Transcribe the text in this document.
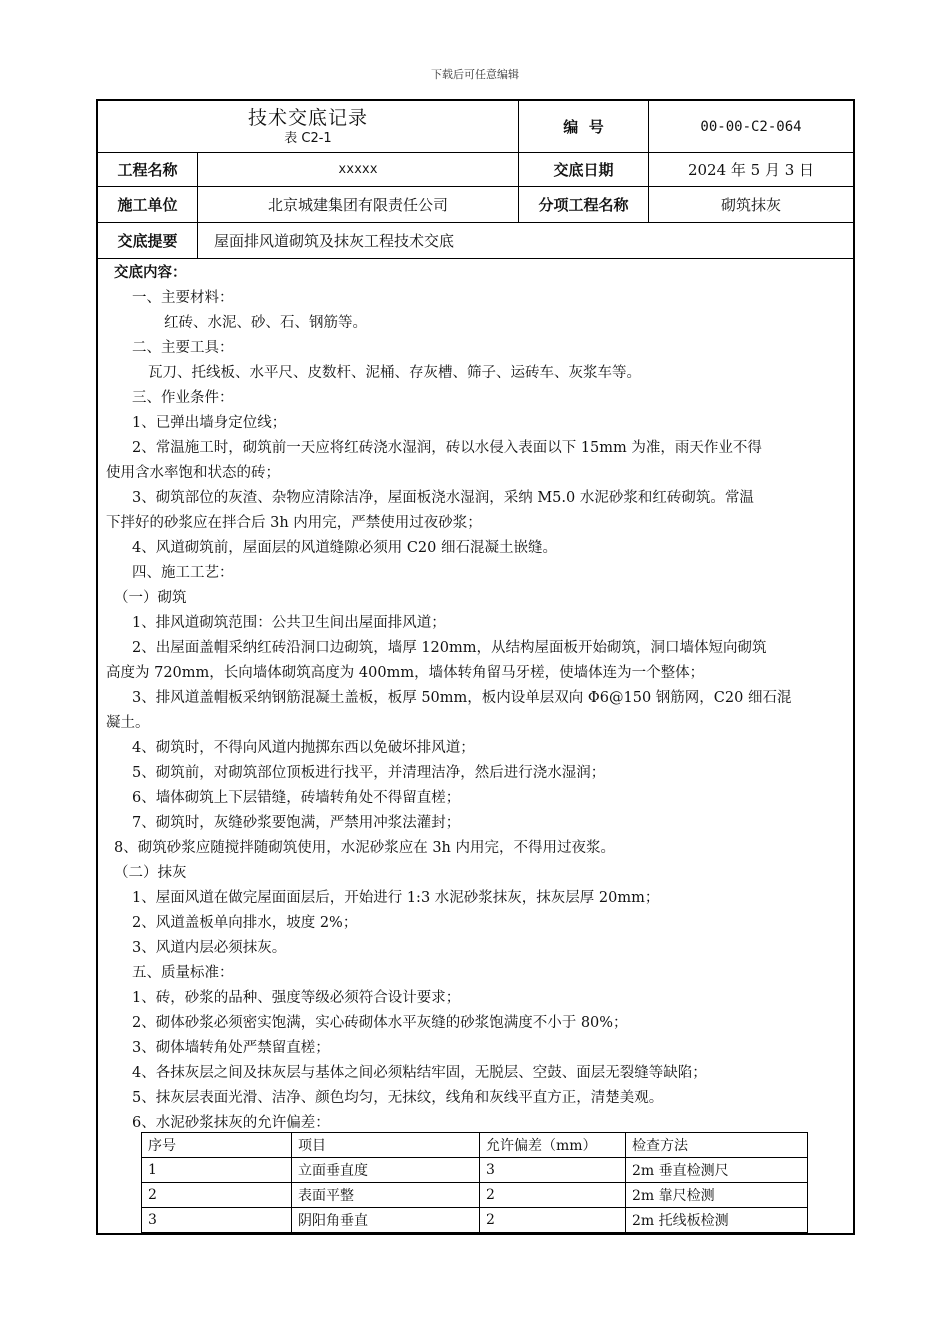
下载后可任意编辑
技术交底记录
表 C2-1
编  号	00-00-C2-064
工程名称	xxxxx	交底日期	2024 年 5 月 3 日
施工单位	北京城建集团有限责任公司	分项工程名称	砌筑抹灰
交底提要	屋面排风道砌筑及抹灰工程技术交底
交底内容：
一、主要材料：
红砖、水泥、砂、石、钢筋等。
二、主要工具：
瓦刀、托线板、水平尺、皮数杆、泥桶、存灰槽、筛子、运砖车、灰浆车等。
三、作业条件：
1、已弹出墙身定位线；
2、常温施工时，砌筑前一天应将红砖浇水湿润，砖以水侵入表面以下 15mm 为准，雨天作业不得
使用含水率饱和状态的砖；
3、砌筑部位的灰渣、杂物应清除洁净，屋面板浇水湿润，采纳 M5.0 水泥砂浆和红砖砌筑。常温
下拌好的砂浆应在拌合后 3h 内用完，严禁使用过夜砂浆；
4、风道砌筑前，屋面层的风道缝隙必须用 C20 细石混凝土嵌缝。
四、施工工艺：
（一）砌筑
1、排风道砌筑范围：公共卫生间出屋面排风道；
2、出屋面盖帽采纳红砖沿洞口边砌筑，墙厚 120mm，从结构屋面板开始砌筑，洞口墙体短向砌筑
高度为 720mm，长向墙体砌筑高度为 400mm，墙体转角留马牙槎，使墙体连为一个整体；
3、排风道盖帽板采纳钢筋混凝土盖板，板厚 50mm，板内设单层双向 Φ6@150 钢筋网，C20 细石混
凝土。
4、砌筑时，不得向风道内抛掷东西以免破坏排风道；
5、砌筑前，对砌筑部位顶板进行找平，并清理洁净，然后进行浇水湿润；
6、墙体砌筑上下层错缝，砖墙转角处不得留直槎；
7、砌筑时，灰缝砂浆要饱满，严禁用冲浆法灌封；
8、砌筑砂浆应随搅拌随砌筑使用，水泥砂浆应在 3h 内用完，不得用过夜浆。
（二）抹灰
1、屋面风道在做完屋面面层后，开始进行 1:3 水泥砂浆抹灰，抹灰层厚 20mm；
2、风道盖板单向排水，坡度 2%；
3、风道内层必须抹灰。
五、质量标准：
1、砖，砂浆的品种、强度等级必须符合设计要求；
2、砌体砂浆必须密实饱满，实心砖砌体水平灰缝的砂浆饱满度不小于 80%；
3、砌体墙转角处严禁留直槎；
4、各抹灰层之间及抹灰层与基体之间必须粘结牢固，无脱层、空鼓、面层无裂缝等缺陷；
5、抹灰层表面光滑、洁净、颜色均匀，无抹纹，线角和灰线平直方正，清楚美观。
6、水泥砂浆抹灰的允许偏差：
序号	项目	允许偏差（mm）	检查方法
1	立面垂直度	3	2m 垂直检测尺
2	表面平整	2	2m 靠尺检测
3	阴阳角垂直	2	2m 托线板检测
